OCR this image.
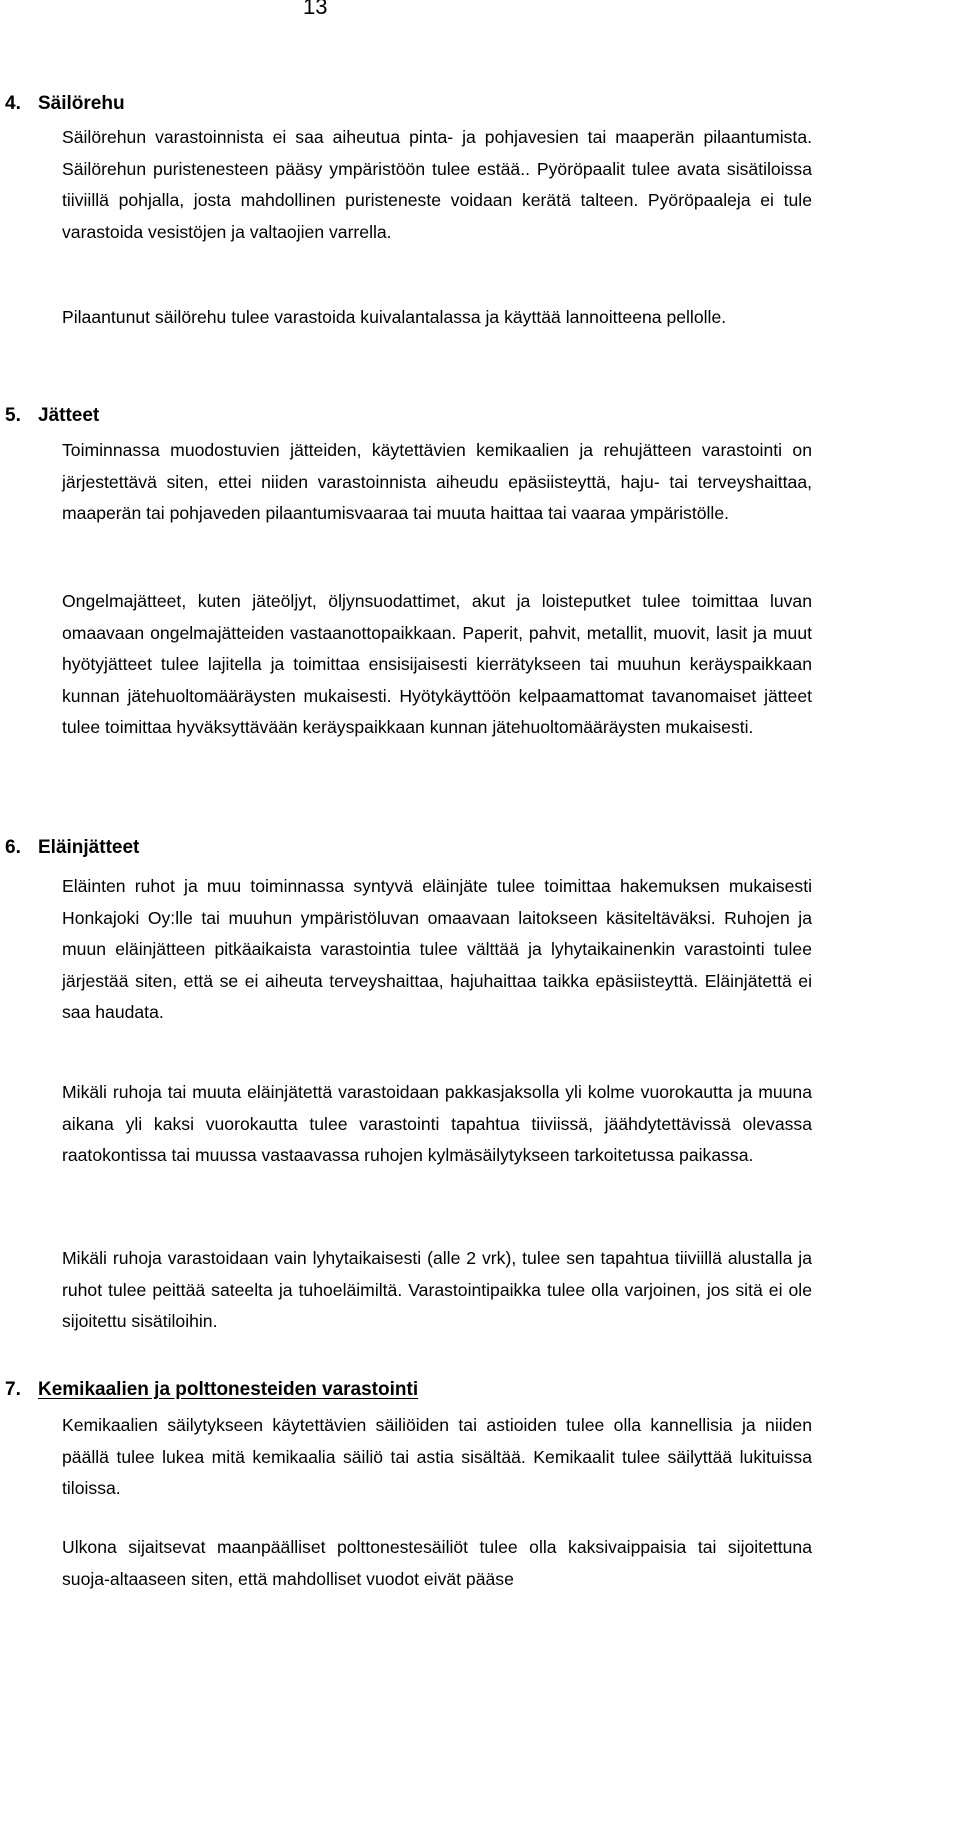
13
4. Säilörehu
Säilörehun varastoinnista ei saa aiheutua pinta- ja pohjavesien tai maaperän pilaantumista. Säilörehun puristenesteen pääsy ympäristöön tulee estää.. Pyöröpaalit tulee avata sisätiloissa tiiviillä pohjalla, josta mahdollinen puristeneste voidaan kerätä talteen. Pyöröpaaleja ei tule varastoida vesistöjen ja valtaojien varrella.
Pilaantunut säilörehu tulee varastoida kuivalantalassa ja käyttää lannoitteena pellolle.
5. Jätteet
Toiminnassa muodostuvien jätteiden, käytettävien kemikaalien ja rehujätteen varastointi on järjestettävä siten, ettei niiden varastoinnista aiheudu epäsiisteyttä, haju- tai terveyshaittaa, maaperän tai pohjaveden pilaantumisvaaraa tai muuta haittaa tai vaaraa ympäristölle.
Ongelmajätteet, kuten jäteöljyt, öljynsuodattimet, akut ja loisteputket tulee toimittaa luvan omaavaan ongelmajätteiden vastaanottopaikkaan. Paperit, pahvit, metallit, muovit, lasit ja muut hyötyjätteet tulee lajitella ja toimittaa ensisijaisesti kierrätykseen tai muuhun keräyspaikkaan kunnan jätehuoltomääräysten mukaisesti. Hyötykäyttöön kelpaamattomat tavanomaiset jätteet tulee toimittaa hyväksyttävään keräyspaikkaan kunnan jätehuoltomääräysten mukaisesti.
6. Eläinjätteet
Eläinten ruhot ja muu toiminnassa syntyvä eläinjäte tulee toimittaa hakemuksen mukaisesti Honkajoki Oy:lle tai muuhun ympäristöluvan omaavaan laitokseen käsiteltäväksi. Ruhojen ja muun eläinjätteen pitkäaikaista varastointia tulee välttää ja lyhytaikainenkin varastointi tulee järjestää siten, että se ei aiheuta terveyshaittaa, hajuhaittaa taikka epäsiisteyttä. Eläinjätettä ei saa haudata.
Mikäli ruhoja tai muuta eläinjätettä varastoidaan pakkasjaksolla yli kolme vuorokautta ja muuna aikana yli kaksi vuorokautta tulee varastointi tapahtua tiiviissä, jäähdytettävissä olevassa raatokontissa tai muussa vastaavassa ruhojen kylmäsäilytykseen tarkoitetussa paikassa.
Mikäli ruhoja varastoidaan vain lyhytaikaisesti (alle 2 vrk), tulee sen tapahtua tiiviillä alustalla ja ruhot tulee peittää sateelta ja tuhoeläimiltä. Varastointipaikka tulee olla varjoinen, jos sitä ei ole sijoitettu sisätiloihin.
7. Kemikaalien ja polttonesteiden varastointi
Kemikaalien säilytykseen käytettävien säiliöiden tai astioiden tulee olla kannellisia ja niiden päällä tulee lukea mitä kemikaalia säiliö tai astia sisältää. Kemikaalit tulee säilyttää lukituissa tiloissa.
Ulkona sijaitsevat maanpäälliset polttonestesäiliöt tulee olla kaksivaippaisia tai sijoitettuna suoja-altaaseen siten, että mahdolliset vuodot eivät pääse
